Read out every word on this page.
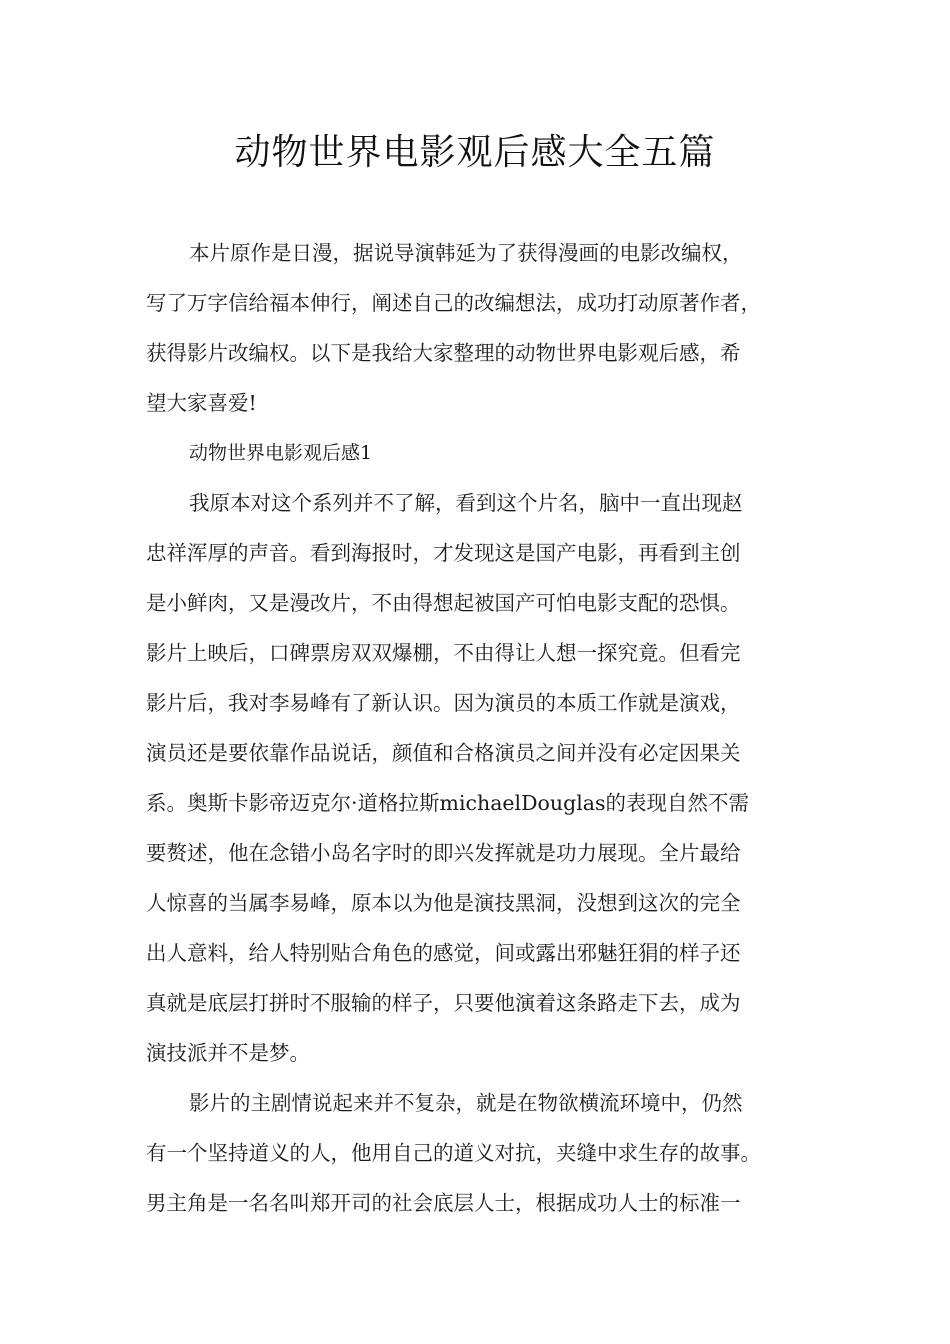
动物世界电影观后感大全五篇
本片原作是日漫，据说导演韩延为了获得漫画的电影改编权，
写了万字信给福本伸行，阐述自己的改编想法，成功打动原著作者，
获得影片改编权。以下是我给大家整理的动物世界电影观后感，希
望大家喜爱!
动物世界电影观后感1
我原本对这个系列并不了解，看到这个片名，脑中一直出现赵
忠祥浑厚的声音。看到海报时，才发现这是国产电影，再看到主创
是小鲜肉，又是漫改片，不由得想起被国产可怕电影支配的恐惧。
影片上映后，口碑票房双双爆棚，不由得让人想一探究竟。但看完
影片后，我对李易峰有了新认识。因为演员的本质工作就是演戏，
演员还是要依靠作品说话，颜值和合格演员之间并没有必定因果关
系。奥斯卡影帝迈克尔·道格拉斯michaelDouglas的表现自然不需
要赘述，他在念错小岛名字时的即兴发挥就是功力展现。全片最给
人惊喜的当属李易峰，原本以为他是演技黑洞，没想到这次的完全
出人意料，给人特别贴合角色的感觉，间或露出邪魅狂狷的样子还
真就是底层打拼时不服输的样子，只要他演着这条路走下去，成为
演技派并不是梦。
影片的主剧情说起来并不复杂，就是在物欲横流环境中，仍然
有一个坚持道义的人，他用自己的道义对抗，夹缝中求生存的故事。
男主角是一名名叫郑开司的社会底层人士，根据成功人士的标准一
